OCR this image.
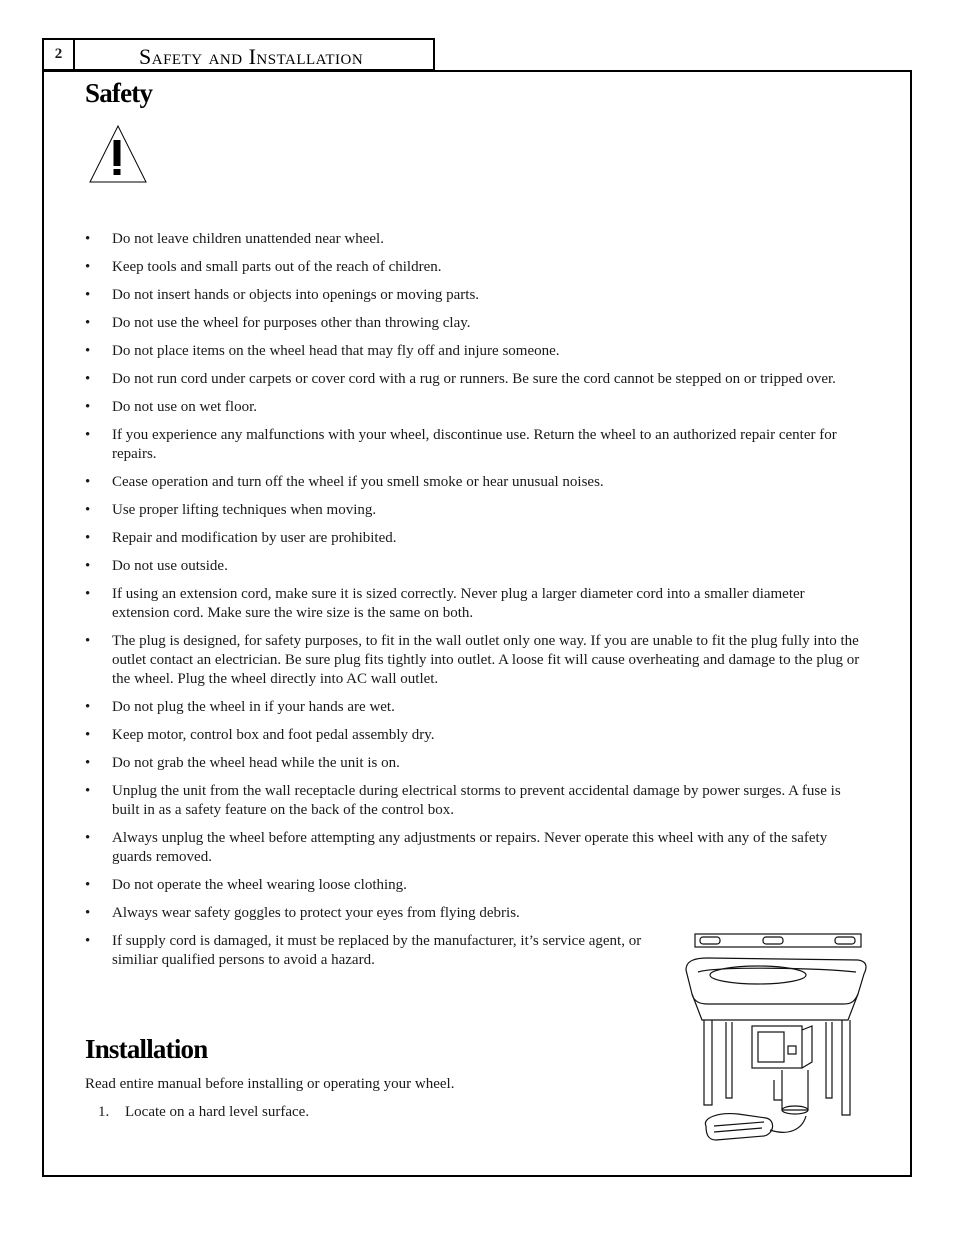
2	Safety and Installation
Safety
• Do not leave children unattended near wheel.
• Keep tools and small parts out of the reach of children.
• Do not insert hands or objects into openings or moving parts.
• Do not use the wheel for purposes other than throwing clay.
• Do not place items on the wheel head that may fly off and injure someone.
• Do not run cord under carpets or cover cord with a rug or runners. Be sure the cord cannot be stepped on or tripped over.
• Do not use on wet floor.
• If you experience any malfunctions with your wheel, discontinue use. Return the wheel to an authorized repair center for repairs.
• Cease operation and turn off the wheel if you smell smoke or hear unusual noises.
• Use proper lifting techniques when moving.
• Repair and modification by user are prohibited.
• Do not use outside.
• If using an extension cord, make sure it is sized correctly. Never plug a larger diameter cord into a smaller diameter extension cord. Make sure the wire size is the same on both.
• The plug is designed, for safety purposes, to fit in the wall outlet only one way. If you are unable to fit the plug fully into the outlet contact an electrician. Be sure plug fits tightly into outlet. A loose fit will cause overheating and damage to the plug or the wheel. Plug the wheel directly into AC wall outlet.
• Do not plug the wheel in if your hands are wet.
• Keep motor, control box and foot pedal assembly dry.
• Do not grab the wheel head while the unit is on.
• Unplug the unit from the wall receptacle during electrical storms to prevent accidental damage by power surges. A fuse is built in as a safety feature on the back of the control box.
• Always unplug the wheel before attempting any adjustments or repairs. Never operate this wheel with any of the safety guards removed.
• Do not operate the wheel wearing loose clothing.
• Always wear safety goggles to protect your eyes from flying debris.
• If supply cord is damaged, it must be replaced by the manufacturer, it’s service agent, or similiar qualified persons to avoid a hazard.
Installation

Read entire manual before installing or operating your wheel.

1. Locate on a hard level surface.
